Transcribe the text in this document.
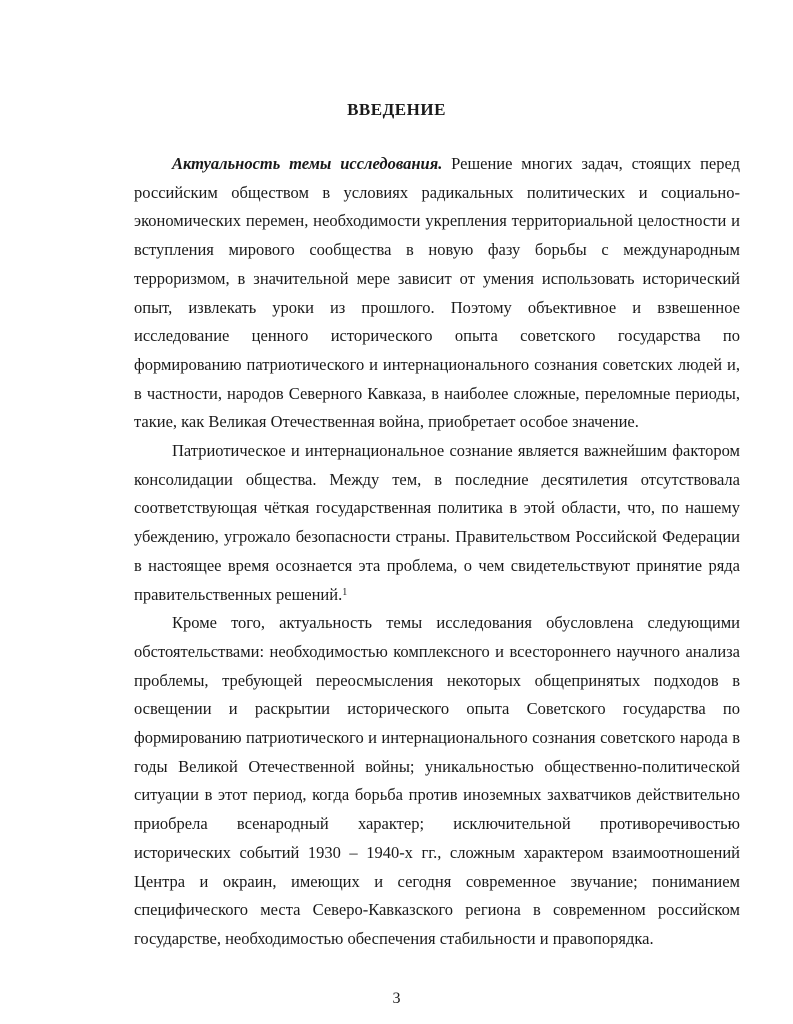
ВВЕДЕНИЕ

Актуальность темы исследования. Решение многих задач, стоящих перед российским обществом в условиях радикальных политических и социально-экономических перемен, необходимости укрепления территориальной целостности и вступления мирового сообщества в новую фазу борьбы с международным терроризмом, в значительной мере зависит от умения использовать исторический опыт, извлекать уроки из прошлого. Поэтому объективное и взвешенное исследование ценного исторического опыта советского государства по формированию патриотического и интернационального сознания советских людей и, в частности, народов Северного Кавказа, в наиболее сложные, переломные периоды, такие, как Великая Отечественная война, приобретает особое значение.

Патриотическое и интернациональное сознание является важнейшим фактором консолидации общества. Между тем, в последние десятилетия отсутствовала соответствующая чёткая государственная политика в этой области, что, по нашему убеждению, угрожало безопасности страны. Правительством Российской Федерации в настоящее время осознается эта проблема, о чем свидетельствуют принятие ряда правительственных решений.$^1$

Кроме того, актуальность темы исследования обусловлена следующими обстоятельствами: необходимостью комплексного и всестороннего научного анализа проблемы, требующей переосмысления некоторых общепринятых подходов в освещении и раскрытии исторического опыта Советского государства по формированию патриотического и интернационального сознания советского народа в годы Великой Отечественной войны; уникальностью общественно-политической ситуации в этот период, когда борьба против иноземных захватчиков действительно приобрела всенародный характер; исключительной противоречивостью исторических событий 1930 – 1940-х гг., сложным характером взаимоотношений Центра и окраин, имеющих и сегодня современное звучание; пониманием специфического места Северо-Кавказского региона в современном российском государстве, необходимостью обеспечения стабильности и правопорядка.

3
